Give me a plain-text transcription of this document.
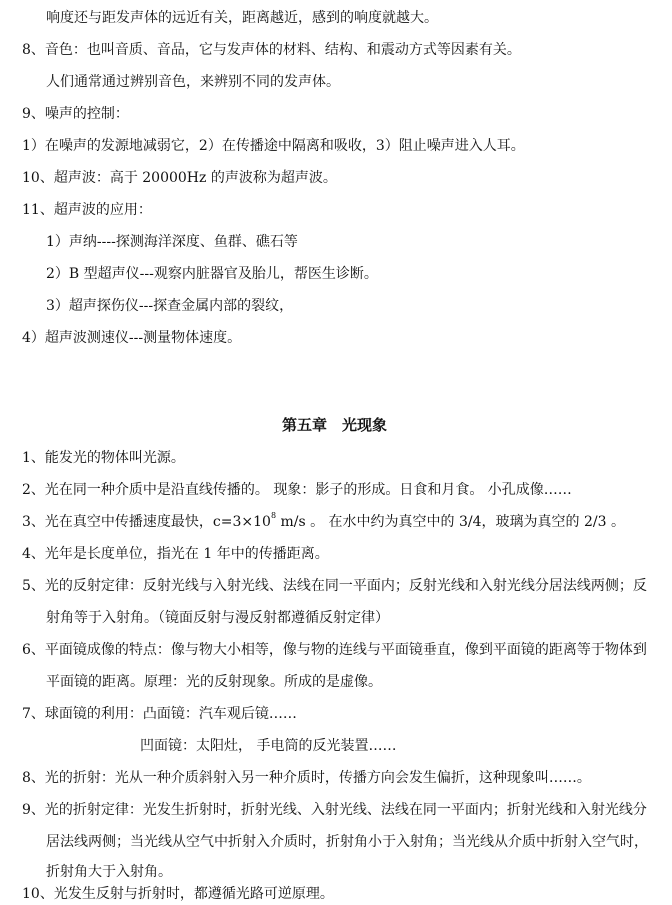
响度还与距发声体的远近有关，距离越近，感到的响度就越大。
8、音色：也叫音质、音品，它与发声体的材料、结构、和震动方式等因素有关。
人们通常通过辨别音色，来辨别不同的发声体。
9、噪声的控制：
1）在噪声的发源地减弱它，2）在传播途中隔离和吸收，3）阻止噪声进入人耳。
10、超声波：高于 20000Hz 的声波称为超声波。
11、超声波的应用：
1）声纳----探测海洋深度、鱼群、礁石等
2）B 型超声仪---观察内脏器官及胎儿，帮医生诊断。
3）超声探伤仪---探查金属内部的裂纹，
4）超声波测速仪---测量物体速度。
第五章　光现象
1、能发光的物体叫光源。
2、光在同一种介质中是沿直线传播的。 现象：影子的形成。日食和月食。 小孔成像……
3、光在真空中传播速度最快，$c=3\times 10^8$ m/s 。 在水中约为真空中的 3/4，玻璃为真空的 2/3 。
4、光年是长度单位，指光在 1 年中的传播距离。
5、光的反射定律：反射光线与入射光线、法线在同一平面内；反射光线和入射光线分居法线两侧；反
射角等于入射角。（镜面反射与漫反射都遵循反射定律）
6、平面镜成像的特点：像与物大小相等，像与物的连线与平面镜垂直，像到平面镜的距离等于物体到
平面镜的距离。原理：光的反射现象。所成的是虚像。
7、球面镜的利用：凸面镜：汽车观后镜……
凹面镜：太阳灶， 手电筒的反光装置……
8、光的折射：光从一种介质斜射入另一种介质时，传播方向会发生偏折，这种现象叫……。
9、光的折射定律：光发生折射时，折射光线、入射光线、法线在同一平面内；折射光线和入射光线分
居法线两侧；当光线从空气中折射入介质时，折射角小于入射角；当光线从介质中折射入空气时，
折射角大于入射角。
10、光发生反射与折射时，都遵循光路可逆原理。
